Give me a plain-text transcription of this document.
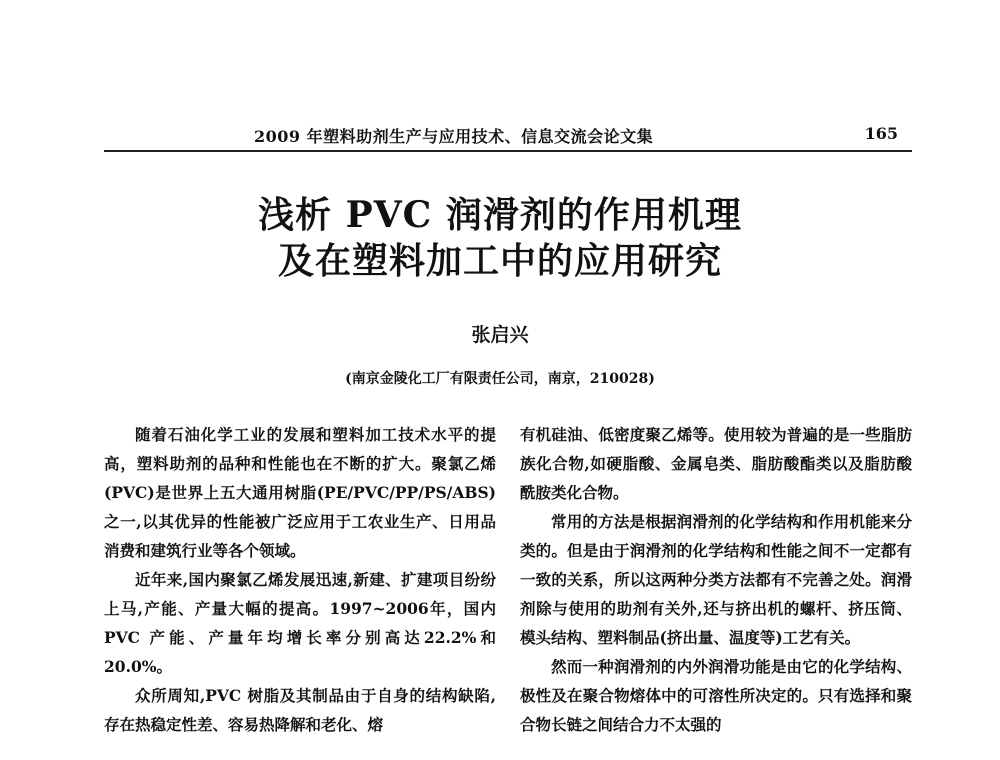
2009 年塑料助剂生产与应用技术、信息交流会论文集	165
浅析 PVC 润滑剂的作用机理
及在塑料加工中的应用研究
张启兴
(南京金陵化工厂有限责任公司，南京，210028)

随着石油化学工业的发展和塑料加工技术水平的提高，塑料助剂的品种和性能也在不断的扩大。聚氯乙烯(PVC)是世界上五大通用树脂(PE/PVC/PP/PS/ABS)之一,以其优异的性能被广泛应用于工农业生产、日用品消费和建筑行业等各个领域。

近年来,国内聚氯乙烯发展迅速,新建、扩建项目纷纷上马,产能、产量大幅的提高。1997~2006年，国内 PVC 产能、产量年均增长率分别高达22.2%和 20.0%。

众所周知,PVC 树脂及其制品由于自身的结构缺陷,存在热稳定性差、容易热降解和老化、熔

有机硅油、低密度聚乙烯等。使用较为普遍的是一些脂肪族化合物,如硬脂酸、金属皂类、脂肪酸酯类以及脂肪酸酰胺类化合物。

常用的方法是根据润滑剂的化学结构和作用机能来分类的。但是由于润滑剂的化学结构和性能之间不一定都有一致的关系，所以这两种分类方法都有不完善之处。润滑剂除与使用的助剂有关外,还与挤出机的螺杆、挤压筒、模头结构、塑料制品(挤出量、温度等)工艺有关。

然而一种润滑剂的内外润滑功能是由它的化学结构、极性及在聚合物熔体中的可溶性所决定的。只有选择和聚合物长链之间结合力不太强的
